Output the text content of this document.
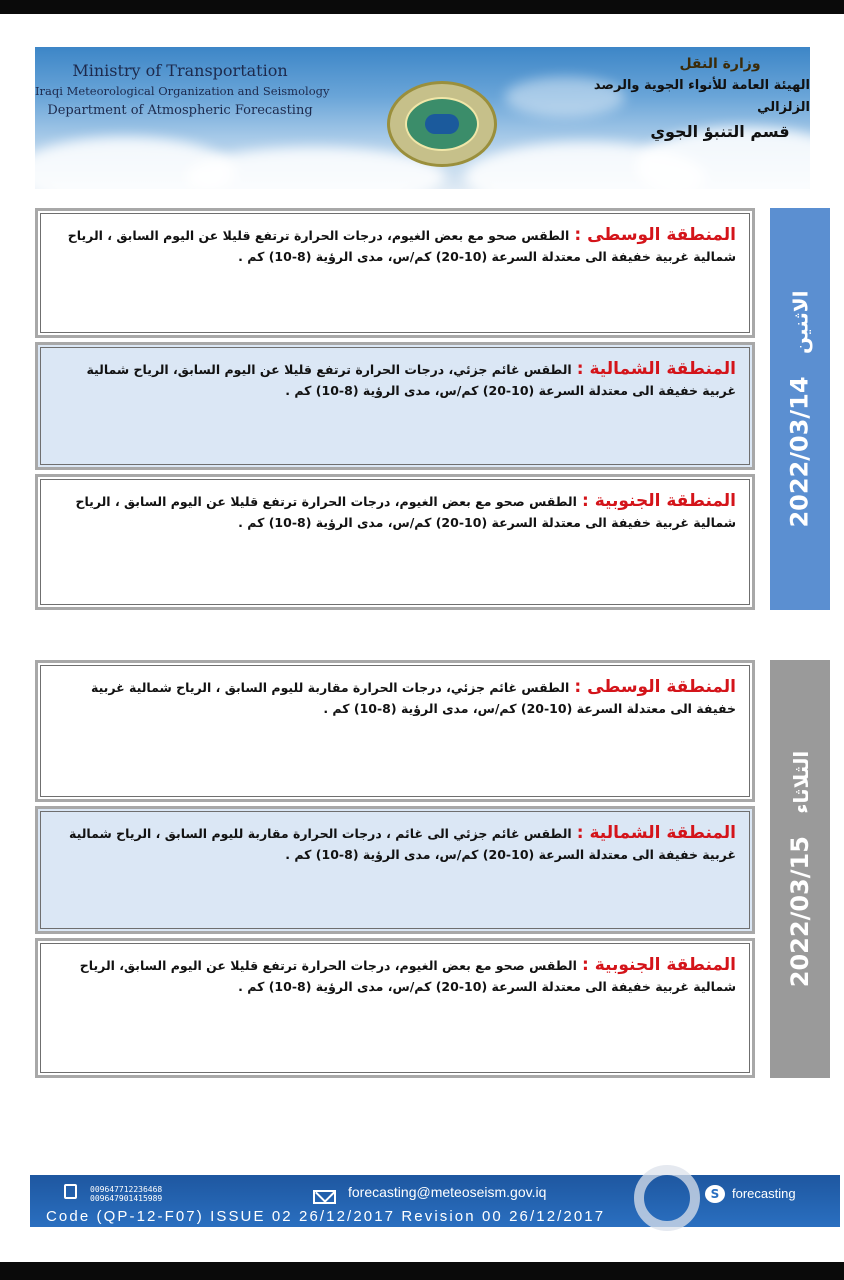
Ministry of Transportation
Iraqi Meteorological Organization and Seismology
Department of Atmospheric Forecasting
وزارة النقل
الهيئة العامة للأنواء الجوية والرصد الزلزالي
قسم التنبؤ الجوي
المنطقة الوسطى : الطقس صحو مع بعض الغيوم، درجات الحرارة ترتفع قليلا عن اليوم السابق ، الرياح شمالية غربية خفيفة الى معتدلة السرعة (10-20) كم/س، مدى الرؤية (8-10) كم .
المنطقة الشمالية : الطقس غائم جزئي، درجات الحرارة ترتفع قليلا عن اليوم السابق، الرياح شمالية غربية خفيفة الى معتدلة السرعة (10-20) كم/س، مدى الرؤية (8-10) كم .
المنطقة الجنوبية : الطقس صحو مع بعض الغيوم، درجات الحرارة ترتفع قليلا عن اليوم السابق ، الرياح شمالية غربية خفيفة الى معتدلة السرعة (10-20) كم/س، مدى الرؤية (8-10) كم .
الاثنين 2022/03/14
المنطقة الوسطى : الطقس غائم جزئي، درجات الحرارة مقاربة لليوم السابق ، الرياح شمالية غربية خفيفة الى معتدلة السرعة (10-20) كم/س، مدى الرؤية (8-10) كم .
المنطقة الشمالية : الطقس غائم جزئي الى غائم ، درجات الحرارة مقاربة لليوم السابق ، الرياح شمالية غربية خفيفة الى معتدلة السرعة (10-20) كم/س، مدى الرؤية (8-10) كم .
المنطقة الجنوبية : الطقس صحو مع بعض الغيوم، درجات الحرارة ترتفع قليلا عن اليوم السابق، الرياح شمالية غربية خفيفة الى معتدلة السرعة (10-20) كم/س، مدى الرؤية (8-10) كم .
الثلاثاء 2022/03/15
009647712236468
009647901415989	forecasting@meteoseism.gov.iq	S forecasting
Code (QP-12-F07) ISSUE 02 26/12/2017 Revision 00 26/12/2017
